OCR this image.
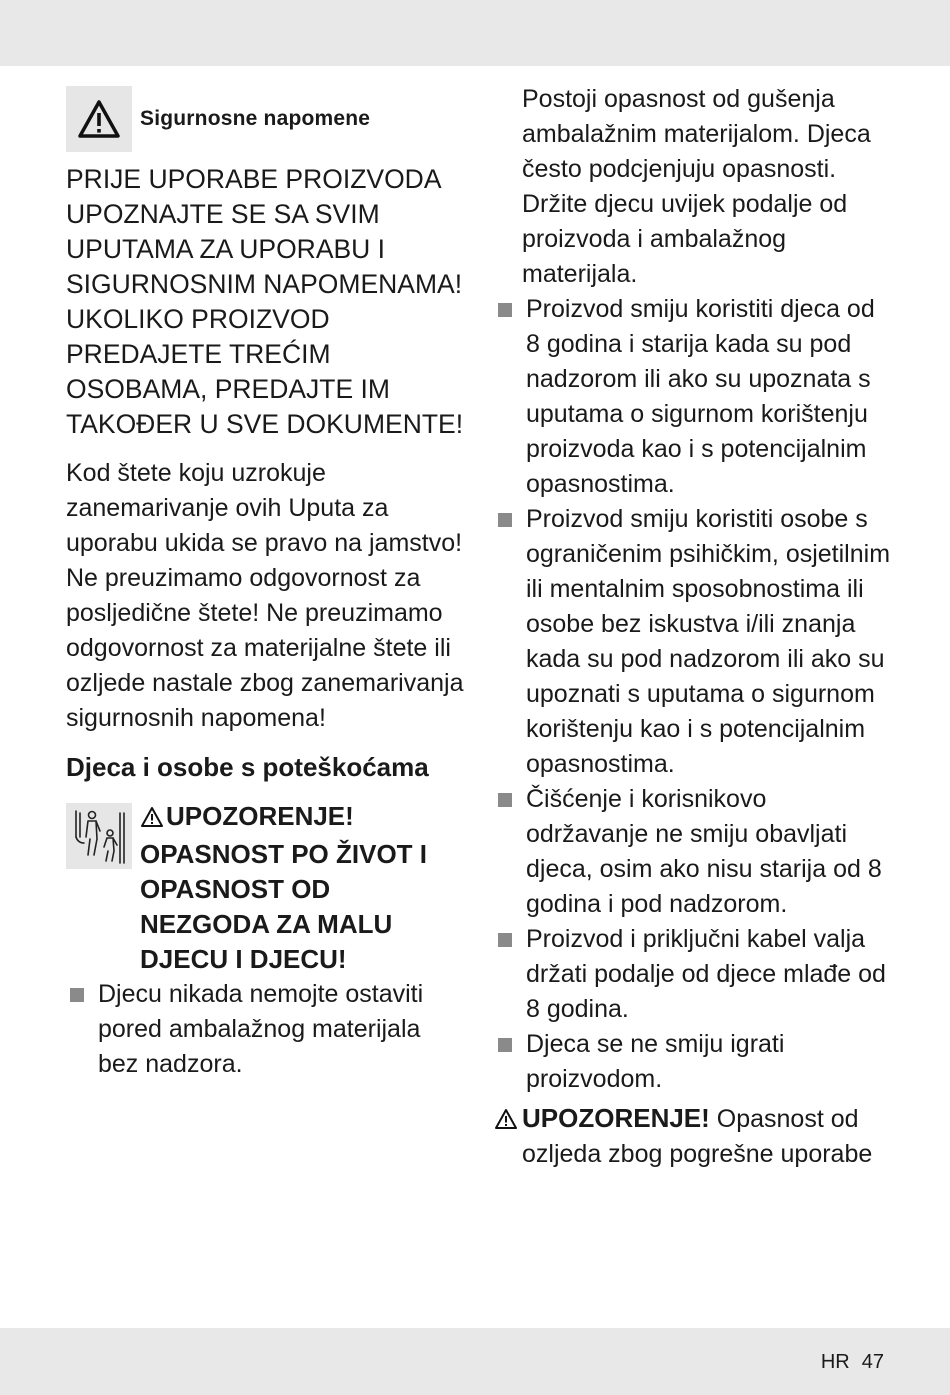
Sigurnosne napomene
PRIJE UPORABE PROIZVODA UPOZNAJTE SE SA SVIM UPUTAMA ZA UPORABU I SIGURNOSNIM NAPOMENAMA! UKOLIKO PROIZVOD PREDAJETE TREĆIM OSOBAMA, PREDAJTE IM TAKOĐER U SVE DOKUMENTE!
Kod štete koju uzrokuje zanemarivanje ovih Uputa za uporabu ukida se pravo na jamstvo! Ne preuzimamo odgovornost za posljedične štete! Ne preuzimamo odgovornost za materijalne štete ili ozljede nastale zbog zanemarivanja sigurnosnih napomena!
Djeca i osobe s poteškoćama
UPOZORENJE! OPASNOST PO ŽIVOT I OPASNOST OD NEZGODA ZA MALU DJECU I DJECU!
Djecu nikada nemojte ostaviti pored ambalažnog materijala bez nadzora.
Postoji opasnost od gušenja ambalažnim materijalom. Djeca često podcjenjuju opasnosti. Držite djecu uvijek podalje od proizvoda i ambalažnog materijala.
Proizvod smiju koristiti djeca od 8 godina i starija kada su pod nadzorom ili ako su upoznata s uputama o sigurnom korištenju proizvoda kao i s potencijalnim opasnostima.
Proizvod smiju koristiti osobe s ograničenim psihičkim, osjetilnim ili mentalnim sposobnostima ili osobe bez iskustva i/ili znanja kada su pod nadzorom ili ako su upoznati s uputama o sigurnom korištenju kao i s potencijalnim opasnostima.
Čišćenje i korisnikovo održavanje ne smiju obavljati djeca, osim ako nisu starija od 8 godina i pod nadzorom.
Proizvod i priključni kabel valja držati podalje od djece mlađe od 8 godina.
Djeca se ne smiju igrati proizvodom.
UPOZORENJE! Opasnost od ozljeda zbog pogrešne uporabe
HR 47
